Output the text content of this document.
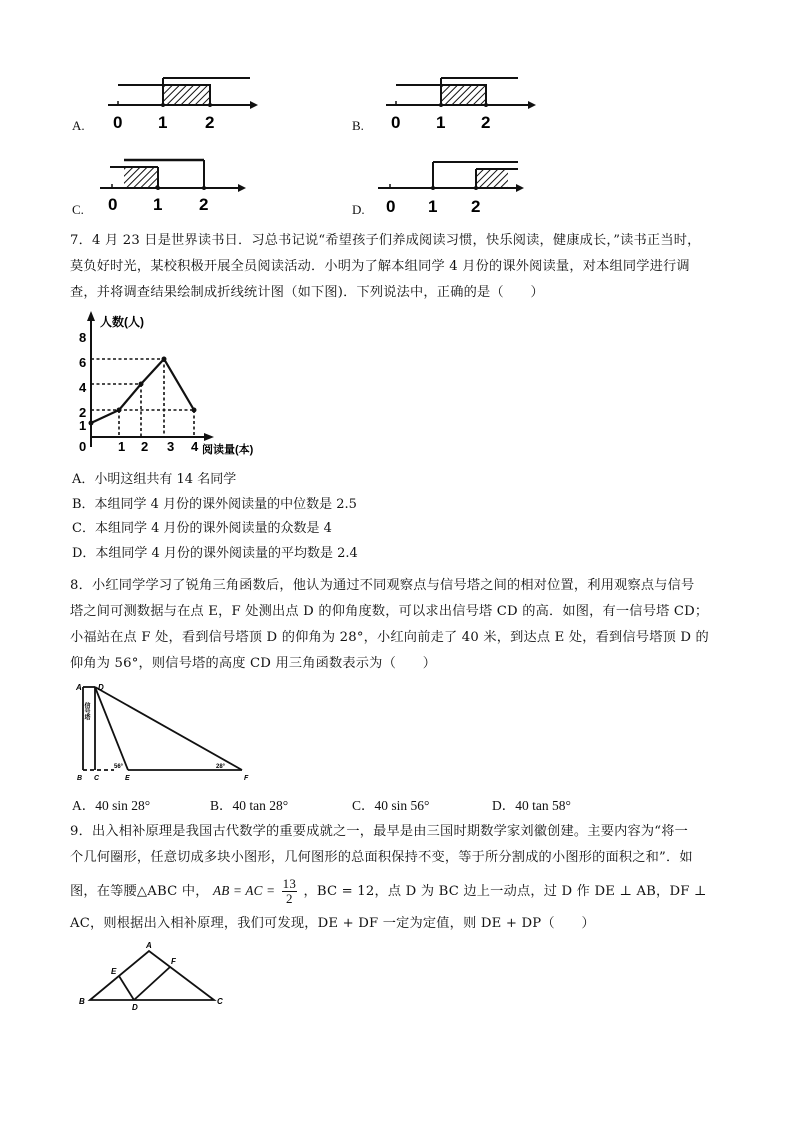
A. 0 1 2	B. 0 1 2
C. 0 1 2	D. 0 1 2
7．4 月 23 日是世界读书日．习总书记说“希望孩子们养成阅读习惯，快乐阅读，健康成长，”读书正当时，
莫负好时光，某校积极开展全员阅读活动．小明为了解本组同学 4 月份的课外阅读量，对本组同学进行调
查，并将调查结果绘制成折线统计图（如下图)．下列说法中，正确的是（　　）
人数(人)
阅读量(本)
8
6
4
2
1
0 1 2 3 4
A．小明这组共有 14 名同学
B．本组同学 4 月份的课外阅读量的中位数是 2.5
C．本组同学 4 月份的课外阅读量的众数是 4
D．本组同学 4 月份的课外阅读量的平均数是 2.4
8．小红同学学习了锐角三角函数后，他认为通过不同观察点与信号塔之间的相对位置，利用观察点与信号
塔之间可测数据与在点 E，F 处测出点 D 的仰角度数，可以求出信号塔 CD 的高．如图，有一信号塔 CD；
小福站在点 F 处，看到信号塔顶 D 的仰角为 28°，小红向前走了 40 米，到达点 E 处，看到信号塔顶 D 的
仰角为 56°，则信号塔的高度 CD 用三角函数表示为（　　）
A D
B C	E	F
信号塔
56°	28°
A．40 sin 28°	B．40 tan 28°	C．40 sin 56°	D．40 tan 58°
9．出入相补原理是我国古代数学的重要成就之一，最早是由三国时期数学家刘徽创建。主要内容为“将一
个几何圈形，任意切成多块小图形，几何图形的总面积保持不变，等于所分割成的小图形的面积之和”．如
图，在等腰△ABC 中， AB = AC = $\frac{13}{2}$ ，BC = 12，点 D 为 BC 边上一动点，过 D 作 DE ⊥ AB，DF ⊥
AC，则根据出入相补原理，我们可发现，DE + DF 一定为定值，则 DE + DP（　　）
A
B	C
D
E
F
